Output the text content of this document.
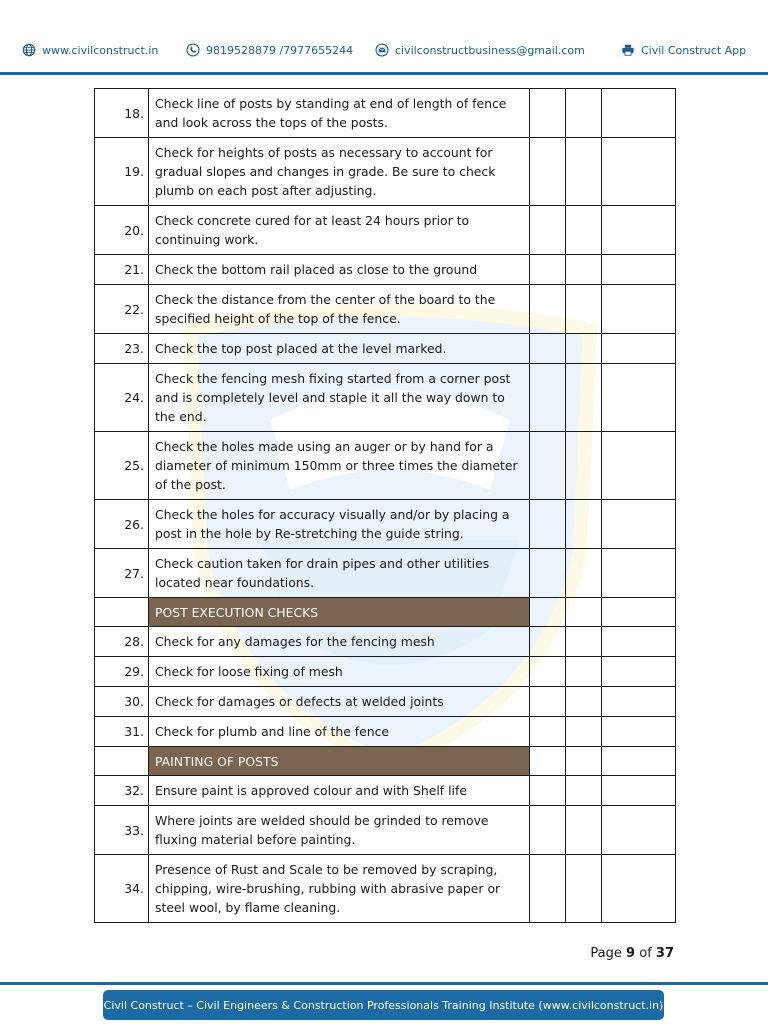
www.civilconstruct.in	9819528879 /7977655244	civilconstructbusiness@gmail.com	Civil Construct App
18.	Check line of posts by standing at end of length of fence and look across the tops of the posts.			
19.	Check for heights of posts as necessary to account for gradual slopes and changes in grade. Be sure to check plumb on each post after adjusting.			
20.	Check concrete cured for at least 24 hours prior to continuing work.			
21.	Check the bottom rail placed as close to the ground			
22.	Check the distance from the center of the board to the specified height of the top of the fence.			
23.	Check the top post placed at the level marked.			
24.	Check the fencing mesh fixing started from a corner post and is completely level and staple it all the way down to the end.			
25.	Check the holes made using an auger or by hand for a diameter of minimum 150mm or three times the diameter of the post.			
26.	Check the holes for accuracy visually and/or by placing a post in the hole by Re-stretching the guide string.			
27.	Check caution taken for drain pipes and other utilities located near foundations.			
	POST EXECUTION CHECKS			
28.	Check for any damages for the fencing mesh			
29.	Check for loose fixing of mesh			
30.	Check for damages or defects at welded joints			
31.	Check for plumb and line of the fence			
	PAINTING OF POSTS			
32.	Ensure paint is approved colour and with Shelf life			
33.	Where joints are welded should be grinded to remove fluxing material before painting.			
34.	Presence of Rust and Scale to be removed by scraping, chipping, wire-brushing, rubbing with abrasive paper or steel wool, by flame cleaning.			
Page 9 of 37
Civil Construct – Civil Engineers & Construction Professionals Training Institute (www.civilconstruct.in)
